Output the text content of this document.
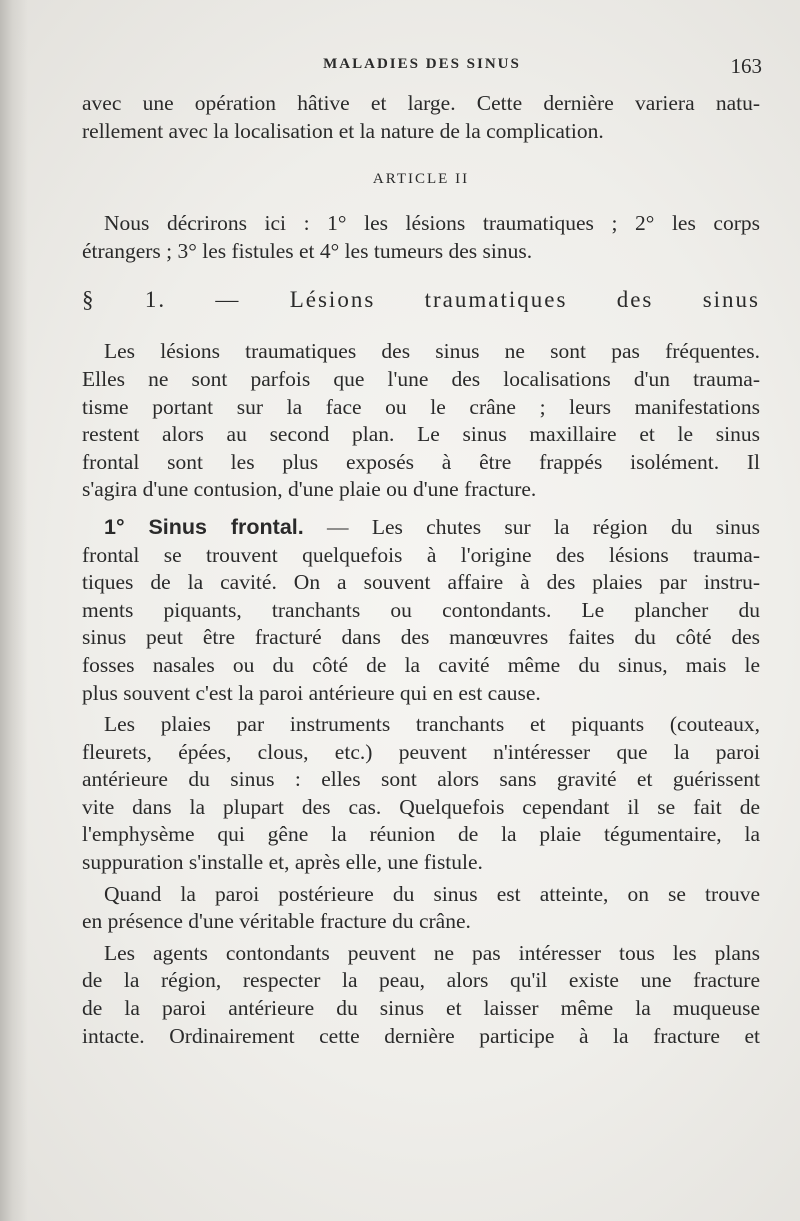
MALADIES DES SINUS	163
avec une opération hâtive et large. Cette dernière variera natu-
rellement avec la localisation et la nature de la complication.
ARTICLE II
Nous décrirons ici : 1° les lésions traumatiques ; 2° les corps
étrangers ; 3° les fistules et 4° les tumeurs des sinus.
§ 1. — Lésions traumatiques des sinus
Les lésions traumatiques des sinus ne sont pas fréquentes.
Elles ne sont parfois que l'une des localisations d'un trauma-
tisme portant sur la face ou le crâne ; leurs manifestations
restent alors au second plan. Le sinus maxillaire et le sinus
frontal sont les plus exposés à être frappés isolément. Il
s'agira d'une contusion, d'une plaie ou d'une fracture.
1° Sinus frontal. — Les chutes sur la région du sinus
frontal se trouvent quelquefois à l'origine des lésions trauma-
tiques de la cavité. On a souvent affaire à des plaies par instru-
ments piquants, tranchants ou contondants. Le plancher du
sinus peut être fracturé dans des manœuvres faites du côté des
fosses nasales ou du côté de la cavité même du sinus, mais le
plus souvent c'est la paroi antérieure qui en est cause.
Les plaies par instruments tranchants et piquants (couteaux,
fleurets, épées, clous, etc.) peuvent n'intéresser que la paroi
antérieure du sinus : elles sont alors sans gravité et guérissent
vite dans la plupart des cas. Quelquefois cependant il se fait de
l'emphysème qui gêne la réunion de la plaie tégumentaire, la
suppuration s'installe et, après elle, une fistule.
Quand la paroi postérieure du sinus est atteinte, on se trouve
en présence d'une véritable fracture du crâne.
Les agents contondants peuvent ne pas intéresser tous les plans
de la région, respecter la peau, alors qu'il existe une fracture
de la paroi antérieure du sinus et laisser même la muqueuse
intacte. Ordinairement cette dernière participe à la fracture et
